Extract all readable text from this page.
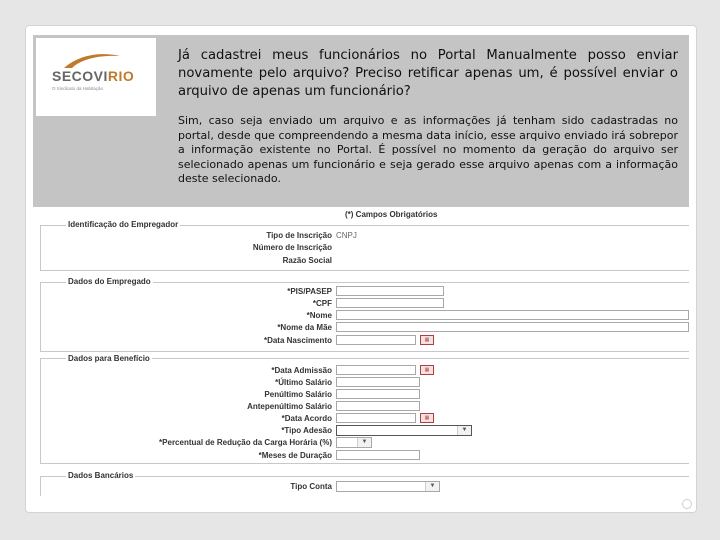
SECOVIRIO
O Sindicato da Habitação
Já cadastrei meus funcionários no Portal Manualmente posso enviar novamente pelo arquivo? Preciso retificar apenas um, é possível enviar o arquivo de apenas um funcionário?
Sim, caso seja enviado um arquivo e as informações já tenham sido cadastradas no portal, desde que compreendendo a mesma data início, esse arquivo enviado irá sobrepor a informação existente no Portal. É possível no momento da geração do arquivo ser selecionado apenas um funcionário e seja gerado esse arquivo apenas com a informação deste selecionado.
(*) Campos Obrigatórios
Identificação do Empregador
Tipo de Inscrição CNPJ
Número de Inscrição
Razão Social
Dados do Empregado
*PIS/PASEP
*CPF
*Nome
*Nome da Mãe
*Data Nascimento	▦
Dados para Benefício
*Data Admissão	▦
*Último Salário
Penúltimo Salário
Antepenúltimo Salário
*Data Acordo	▦
*Tipo Adesão	▼
*Percentual de Redução da Carga Horária (%)	▼
*Meses de Duração
Dados Bancários
Tipo Conta	▼
